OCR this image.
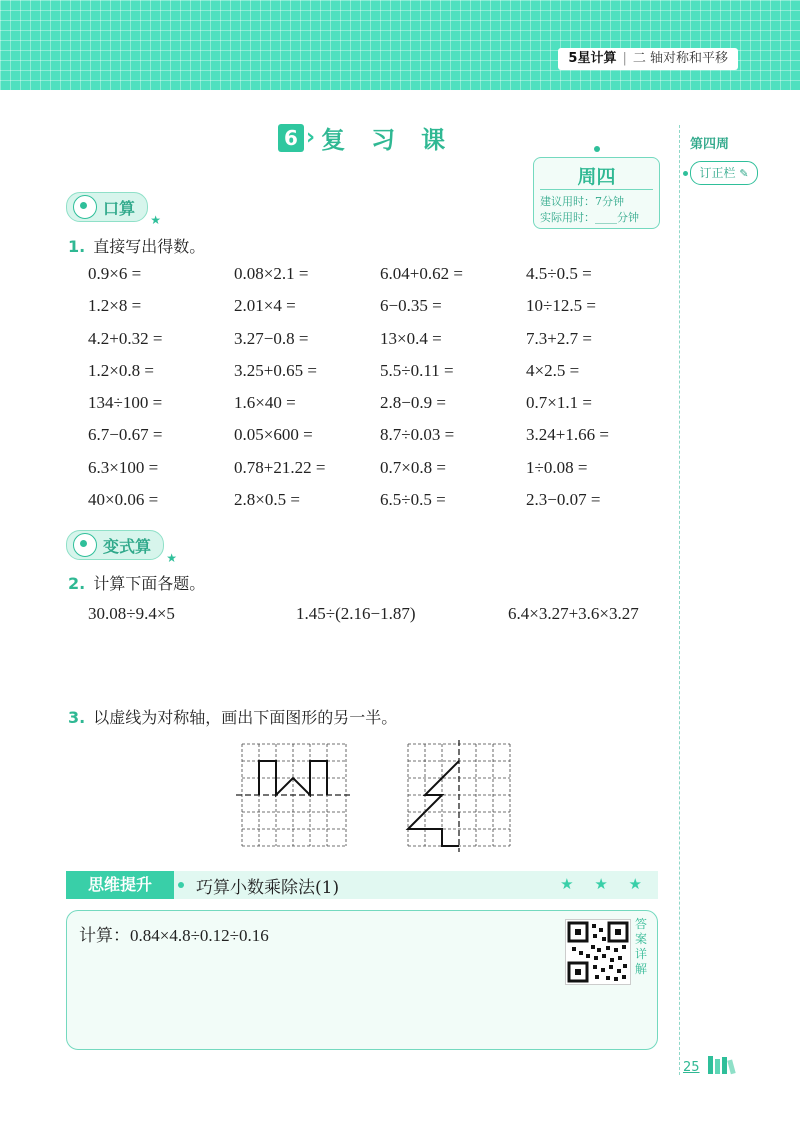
5星计算 | 二 轴对称和平移
第四周
订正栏 ✎
6 › 复习课
周四
建议用时：7分钟
实际用时：____分钟
口算
★
1. 直接写出得数。
0.9×6 =	0.08×2.1 =	6.04+0.62 =	4.5÷0.5 =
1.2×8 =	2.01×4 =	6−0.35 =	10÷12.5 =
4.2+0.32 =	3.27−0.8 =	13×0.4 =	7.3+2.7 =
1.2×0.8 =	3.25+0.65 =	5.5÷0.11 =	4×2.5 =
134÷100 =	1.6×40 =	2.8−0.9 =	0.7×1.1 =
6.7−0.67 =	0.05×600 =	8.7÷0.03 =	3.24+1.66 =
6.3×100 =	0.78+21.22 =	0.7×0.8 =	1÷0.08 =
40×0.06 =	2.8×0.5 =	6.5÷0.5 =	2.3−0.07 =
变式算
★
2. 计算下面各题。
30.08÷9.4×5	1.45÷(2.16−1.87)	6.4×3.27+3.6×3.27
3. 以虚线为对称轴，画出下面图形的另一半。
思维提升	巧算小数乘除法(1)	★ ★ ★
计算：0.84×4.8÷0.12÷0.16
答案详解
25
